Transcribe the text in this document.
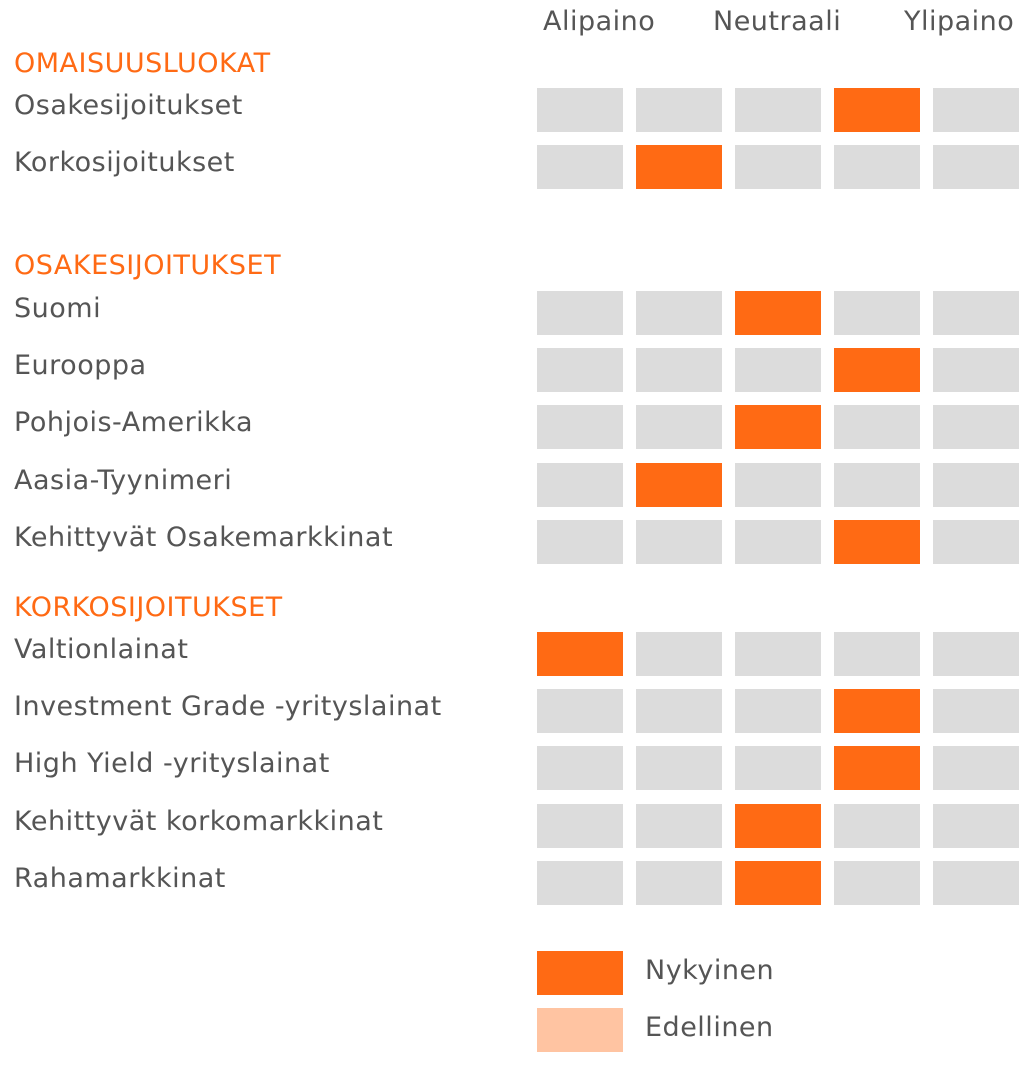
Alipaino Neutraali Ylipaino
OMAISUUSLUOKAT
Osakesijoitukset
Korkosijoitukset
OSAKESIJOITUKSET
Suomi
Eurooppa
Pohjois-Amerikka
Aasia-Tyynimeri
Kehittyvät Osakemarkkinat
KORKOSIJOITUKSET
Valtionlainat
Investment Grade -yrityslainat
High Yield -yrityslainat
Kehittyvät korkomarkkinat
Rahamarkkinat
Nykyinen
Edellinen
